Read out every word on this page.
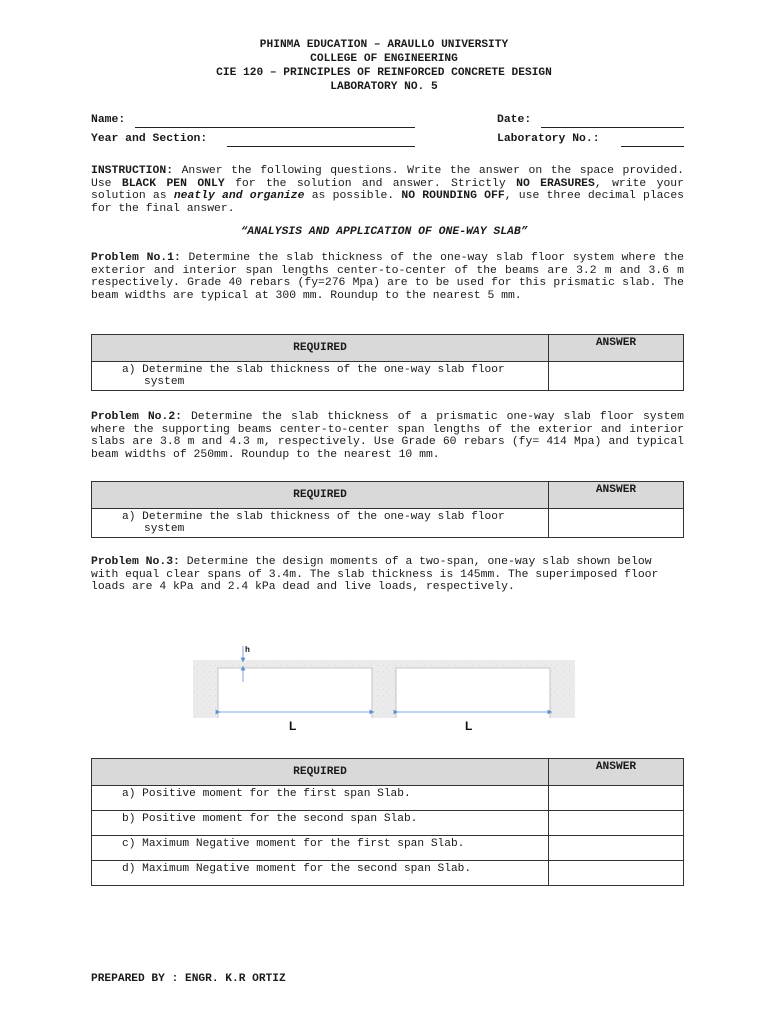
PHINMA EDUCATION – ARAULLO UNIVERSITY
COLLEGE OF ENGINEERING
CIE 120 – PRINCIPLES OF REINFORCED CONCRETE DESIGN
LABORATORY NO. 5
Name:	Date:
Year and Section:	Laboratory No.:
INSTRUCTION: Answer the following questions. Write the answer on the space provided. Use BLACK PEN ONLY for the solution and answer. Strictly NO ERASURES, write your solution as neatly and organize as possible. NO ROUNDING OFF, use three decimal places for the final answer.
“ANALYSIS AND APPLICATION OF ONE-WAY SLAB”
Problem No.1: Determine the slab thickness of the one-way slab floor system where the exterior and interior span lengths center-to-center of the beams are 3.2 m and 3.6 m respectively. Grade 40 rebars (fy=276 Mpa) are to be used for this prismatic slab. The beam widths are typical at 300 mm. Roundup to the nearest 5 mm.
REQUIRED	ANSWER
a) Determine the slab thickness of the one-way slab floor system	
Problem No.2: Determine the slab thickness of a prismatic one-way slab floor system where the supporting beams center-to-center span lengths of the exterior and interior slabs are 3.8 m and 4.3 m, respectively. Use Grade 60 rebars (fy= 414 Mpa) and typical beam widths of 250mm. Roundup to the nearest 10 mm.
REQUIRED	ANSWER
a) Determine the slab thickness of the one-way slab floor system	
Problem No.3: Determine the design moments of a two-span, one-way slab shown below with equal clear spans of 3.4m. The slab thickness is 145mm. The superimposed floor loads are 4 kPa and 2.4 kPa dead and live loads, respectively.
h
L	L
REQUIRED	ANSWER
a) Positive moment for the first span Slab.	
b) Positive moment for the second span Slab.	
c) Maximum Negative moment for the first span Slab.	
d) Maximum Negative moment for the second span Slab.	
PREPARED BY : ENGR. K.R ORTIZ
